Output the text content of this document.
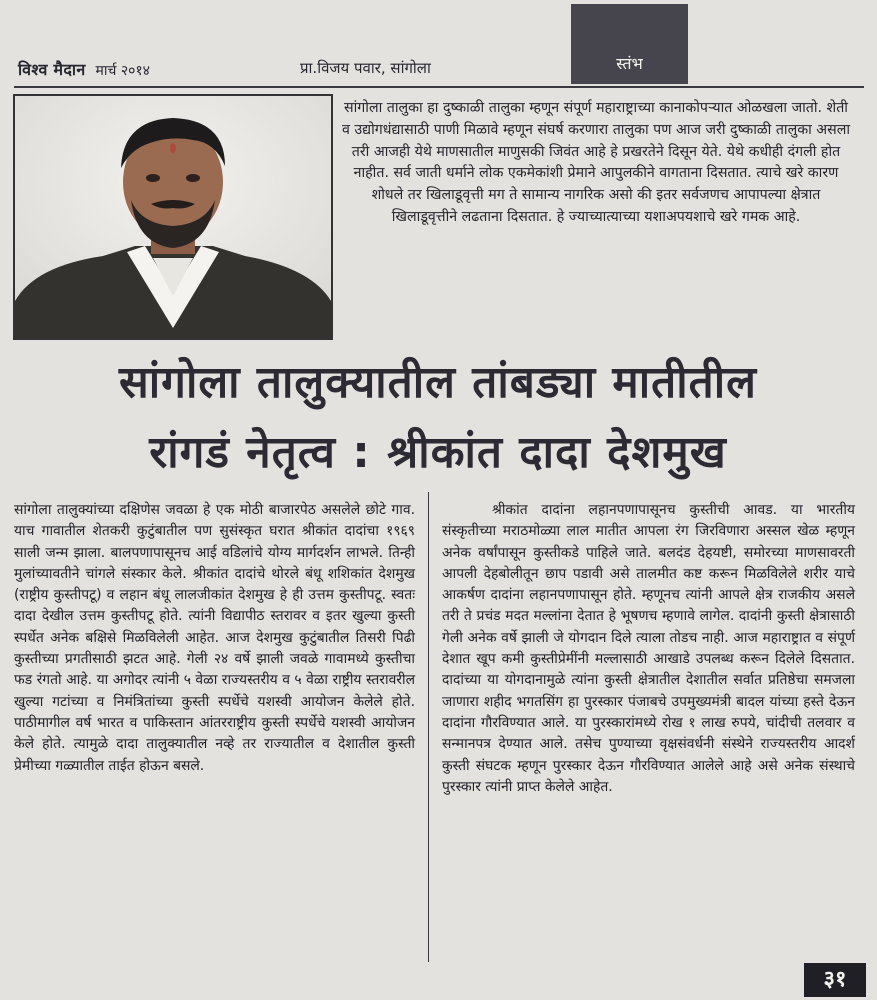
विश्व मैदान मार्च २०१४	प्रा.विजय पवार, सांगोला	स्तंभ

सांगोला तालुका हा दुष्काळी तालुका म्हणून संपूर्ण महाराष्ट्राच्या कानाकोपऱ्यात ओळखला जातो. शेती व उद्योगधंद्यासाठी पाणी मिळावे म्हणून संघर्ष करणारा तालुका पण आज जरी दुष्काळी तालुका असला तरी आजही येथे माणसातील माणुसकी जिवंत आहे हे प्रखरतेने दिसून येते. येथे कधीही दंगली होत नाहीत. सर्व जाती धर्माने लोक एकमेकांशी प्रेमाने आपुलकीने वागताना दिसतात. त्याचे खरे कारण शोधले तर खिलाडूवृत्ती मग ते सामान्य नागरिक असो की इतर सर्वजणच आपापल्या क्षेत्रात खिलाडूवृत्तीने लढताना दिसतात. हे ज्याच्यात्याच्या यशाअपयशाचे खरे गमक आहे.

सांगोला तालुक्यातील तांबड्या मातीतील
रांगडं नेतृत्व : श्रीकांत दादा देशमुख

सांगोला तालुक्यांच्या दक्षिणेस जवळा हे एक मोठी बाजारपेठ असलेले छोटे गाव. याच गावातील शेतकरी कुटुंबातील पण सुसंस्कृत घरात श्रीकांत दादांचा १९६९ साली जन्म झाला. बालपणापासूनच आई वडिलांचे योग्य मार्गदर्शन लाभले. तिन्ही मुलांच्यावतीने चांगले संस्कार केले. श्रीकांत दादांचे थोरले बंधू शशिकांत देशमुख (राष्ट्रीय कुस्तीपटू) व लहान बंधू लालजीकांत देशमुख हे ही उत्तम कुस्तीपटू. स्वतः दादा देखील उत्तम कुस्तीपटू होते. त्यांनी विद्यापीठ स्तरावर व इतर खुल्या कुस्ती स्पर्धेत अनेक बक्षिसे मिळविलेली आहेत. आज देशमुख कुटुंबातील तिसरी पिढी कुस्तीच्या प्रगतीसाठी झटत आहे. गेली २४ वर्षे झाली जवळे गावामध्ये कुस्तीचा फड रंगतो आहे. या अगोदर त्यांनी ५ वेळा राज्यस्तरीय व ५ वेळा राष्ट्रीय स्तरावरील खुल्या गटांच्या व निमंत्रितांच्या कुस्ती स्पर्धेचे यशस्वी आयोजन केलेले होते. पाठीमागील वर्ष भारत व पाकिस्तान आंतरराष्ट्रीय कुस्ती स्पर्धेचे यशस्वी आयोजन केले होते. त्यामुळे दादा तालुक्यातील नव्हे तर राज्यातील व देशातील कुस्ती प्रेमीच्या गळ्यातील ताईत होऊन बसले.

श्रीकांत दादांना लहानपणापासूनच कुस्तीची आवड. या भारतीय संस्कृतीच्या मराठमोळ्या लाल मातीत आपला रंग जिरविणारा अस्सल खेळ म्हणून अनेक वर्षांपासून कुस्तीकडे पाहिले जाते. बलदंड देहयष्टी, समोरच्या माणसावरती आपली देहबोलीतून छाप पडावी असे तालमीत कष्ट करून मिळविलेले शरीर याचे आकर्षण दादांना लहानपणापासून होते. म्हणूनच त्यांनी आपले क्षेत्र राजकीय असले तरी ते प्रचंड मदत मल्लांना देतात हे भूषणच म्हणावे लागेल. दादांनी कुस्ती क्षेत्रासाठी गेली अनेक वर्षे झाली जे योगदान दिले त्याला तोडच नाही. आज महाराष्ट्रात व संपूर्ण देशात खूप कमी कुस्तीप्रेमींनी मल्लासाठी आखाडे उपलब्ध करून दिलेले दिसतात. दादांच्या या योगदानामुळे त्यांना कुस्ती क्षेत्रातील देशातील सर्वात प्रतिष्ठेचा समजला जाणारा शहीद भगतसिंग हा पुरस्कार पंजाबचे उपमुख्यमंत्री बादल यांच्या हस्ते देऊन दादांना गौरविण्यात आले. या पुरस्कारांमध्ये रोख १ लाख रुपये, चांदीची तलवार व सन्मानपत्र देण्यात आले. तसेच पुण्याच्या वृक्षसंवर्धनी संस्थेने राज्यस्तरीय आदर्श कुस्ती संघटक म्हणून पुरस्कार देऊन गौरविण्यात आलेले आहे असे अनेक संस्थाचे पुरस्कार त्यांनी प्राप्त केलेले आहेत.

३१
